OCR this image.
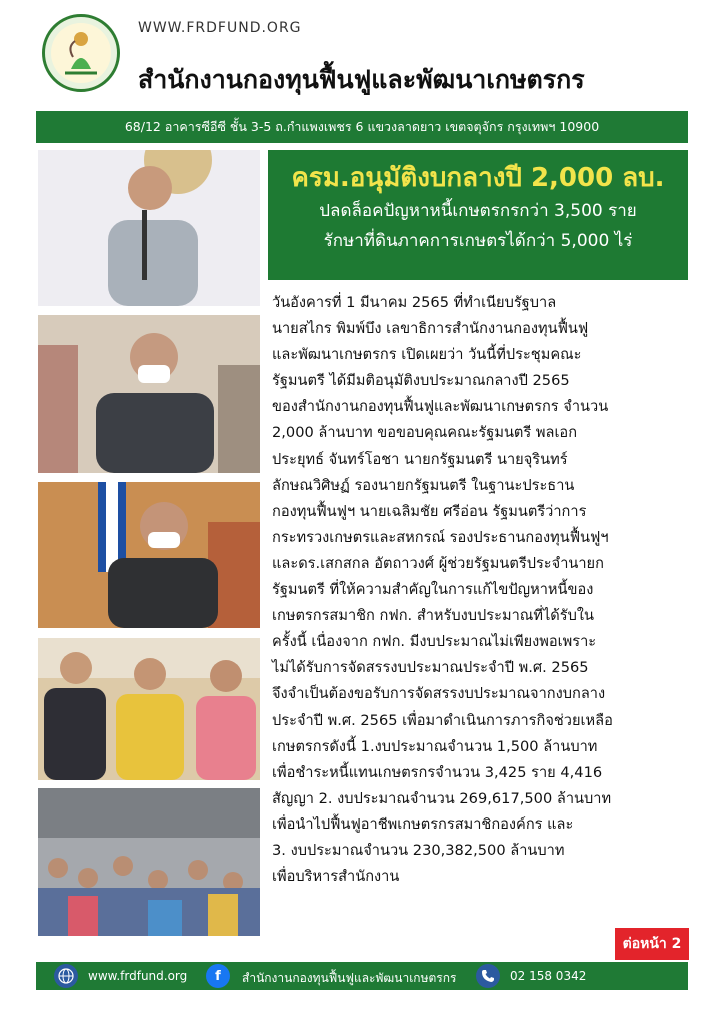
WWW.FRDFUND.ORG
สำนักงานกองทุนฟื้นฟูและพัฒนาเกษตรกร
68/12 อาคารซีอีซี ชั้น 3-5 ถ.กำแพงเพชร 6 แขวงลาดยาว เขตจตุจักร กรุงเทพฯ 10900
ครม.อนุมัติงบกลางปี 2,000 ลบ.
ปลดล็อคปัญหาหนี้เกษตรกรกว่า 3,500 ราย
รักษาที่ดินภาคการเกษตรได้กว่า 5,000 ไร่
วันอังคารที่ 1 มีนาคม 2565 ที่ทำเนียบรัฐบาล
นายสไกร พิมพ์บึง เลขาธิการสำนักงานกองทุนฟื้นฟู
และพัฒนาเกษตรกร เปิดเผยว่า วันนี้ที่ประชุมคณะ
รัฐมนตรี ได้มีมติอนุมัติงบประมาณกลางปี 2565
ของสำนักงานกองทุนฟื้นฟูและพัฒนาเกษตรกร จำนวน
2,000 ล้านบาท ขอขอบคุณคณะรัฐมนตรี พลเอก
ประยุทธ์ จันทร์โอชา นายกรัฐมนตรี นายจุรินทร์
ลักษณวิศิษฏ์ รองนายกรัฐมนตรี ในฐานะประธาน
กองทุนฟื้นฟูฯ นายเฉลิมชัย ศรีอ่อน รัฐมนตรีว่าการ
กระทรวงเกษตรและสหกรณ์ รองประธานกองทุนฟื้นฟูฯ
และดร.เสกสกล อัตถาวงศ์ ผู้ช่วยรัฐมนตรีประจำนายก
รัฐมนตรี ที่ให้ความสำคัญในการแก้ไขปัญหาหนี้ของ
เกษตรกรสมาชิก กฟก. สำหรับงบประมาณที่ได้รับใน
ครั้งนี้ เนื่องจาก กฟก. มีงบประมาณไม่เพียงพอเพราะ
ไม่ได้รับการจัดสรรงบประมาณประจำปี พ.ศ. 2565
จึงจำเป็นต้องขอรับการจัดสรรงบประมาณจากงบกลาง
ประจำปี พ.ศ. 2565 เพื่อมาดำเนินการภารกิจช่วยเหลือ
เกษตรกรดังนี้ 1.งบประมาณจำนวน 1,500 ล้านบาท
เพื่อชำระหนี้แทนเกษตรกรจำนวน 3,425 ราย 4,416
สัญญา 2. งบประมาณจำนวน 269,617,500 ล้านบาท
เพื่อนำไปฟื้นฟูอาชีพเกษตรกรสมาชิกองค์กร และ
3. งบประมาณจำนวน 230,382,500 ล้านบาท
เพื่อบริหารสำนักงาน
ต่อหน้า 2
www.frdfund.org	f	สำนักงานกองทุนฟื้นฟูและพัฒนาเกษตรกร	02 158 0342
